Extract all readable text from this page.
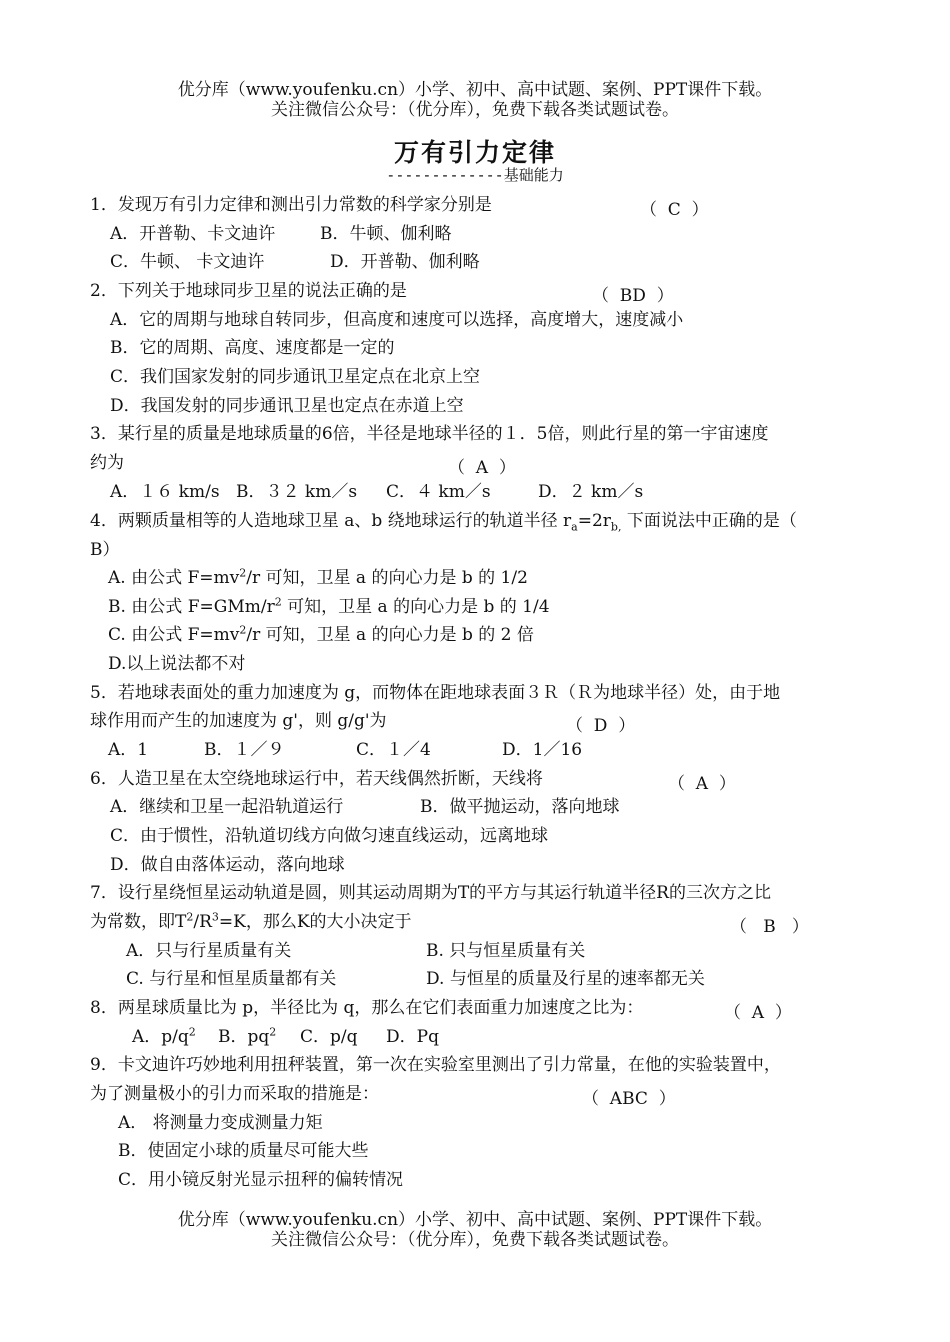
优分库（www.youfenku.cn）小学、初中、高中试题、案例、PPT课件下载。
关注微信公众号：（优分库），免费下载各类试题试卷。
万有引力定律
-------------基础能力
1．发现万有引力定律和测出引力常数的科学家分别是	（  C  ）
A．开普勒、卡文迪许	B．牛顿、伽利略
C．牛顿、 卡文迪许	D．开普勒、伽利略
2．下列关于地球同步卫星的说法正确的是	（  BD  ）
A．它的周期与地球自转同步，但高度和速度可以选择，高度增大，速度减小
B．它的周期、高度、速度都是一定的
C．我们国家发射的同步通讯卫星定点在北京上空
D．我国发射的同步通讯卫星也定点在赤道上空
3．某行星的质量是地球质量的6倍，半径是地球半径的１．5倍，则此行星的第一宇宙速度
约为	（  A  ）
A．１６ km/s B．３２ km／s C．４ km／s	D．２ km／s
4．两颗质量相等的人造地球卫星 a、b 绕地球运行的轨道半径 $r_a=2r_{b,}$ 下面说法中正确的是（
B）
A. 由公式 $F=mv^2/r$ 可知，卫星 a 的向心力是 b 的 1/2
B. 由公式 $F=GMm/r^2$ 可知，卫星 a 的向心力是 b 的 1/4
C. 由公式 $F=mv^2/r$ 可知，卫星 a 的向心力是 b 的 2 倍
D.以上说法都不对
5．若地球表面处的重力加速度为 g，而物体在距地球表面３Ｒ（Ｒ为地球半径）处，由于地
球作用而产生的加速度为 g'，则 g/g'为	（  D  ）
A．1	B．１／９	C．１／4	D．1／16
6．人造卫星在太空绕地球运行中，若天线偶然折断，天线将	（  A  ）
A．继续和卫星一起沿轨道运行	B．做平抛运动，落向地球
C．由于惯性，沿轨道切线方向做匀速直线运动，远离地球
D．做自由落体运动，落向地球
7．设行星绕恒星运动轨道是圆，则其运动周期为T的平方与其运行轨道半径R的三次方之比
为常数，即$T^2/R^3=K$，那么K的大小决定于	（   B   ）
A．只与行星质量有关	B. 只与恒星质量有关
C. 与行星和恒星质量都有关	D. 与恒星的质量及行星的速率都无关
8．两星球质量比为 p，半径比为 q，那么在它们表面重力加速度之比为：	（  A  ）
A．$p/q^2$ B．$pq^2$ C．p/q D．Pq
9．卡文迪许巧妙地利用扭秤装置，第一次在实验室里测出了引力常量，在他的实验装置中，
为了测量极小的引力而采取的措施是：	（  ABC  ）
A． 将测量力变成测量力矩
B．使固定小球的质量尽可能大些
C．用小镜反射光显示扭秤的偏转情况
优分库（www.youfenku.cn）小学、初中、高中试题、案例、PPT课件下载。
关注微信公众号：（优分库），免费下载各类试题试卷。
